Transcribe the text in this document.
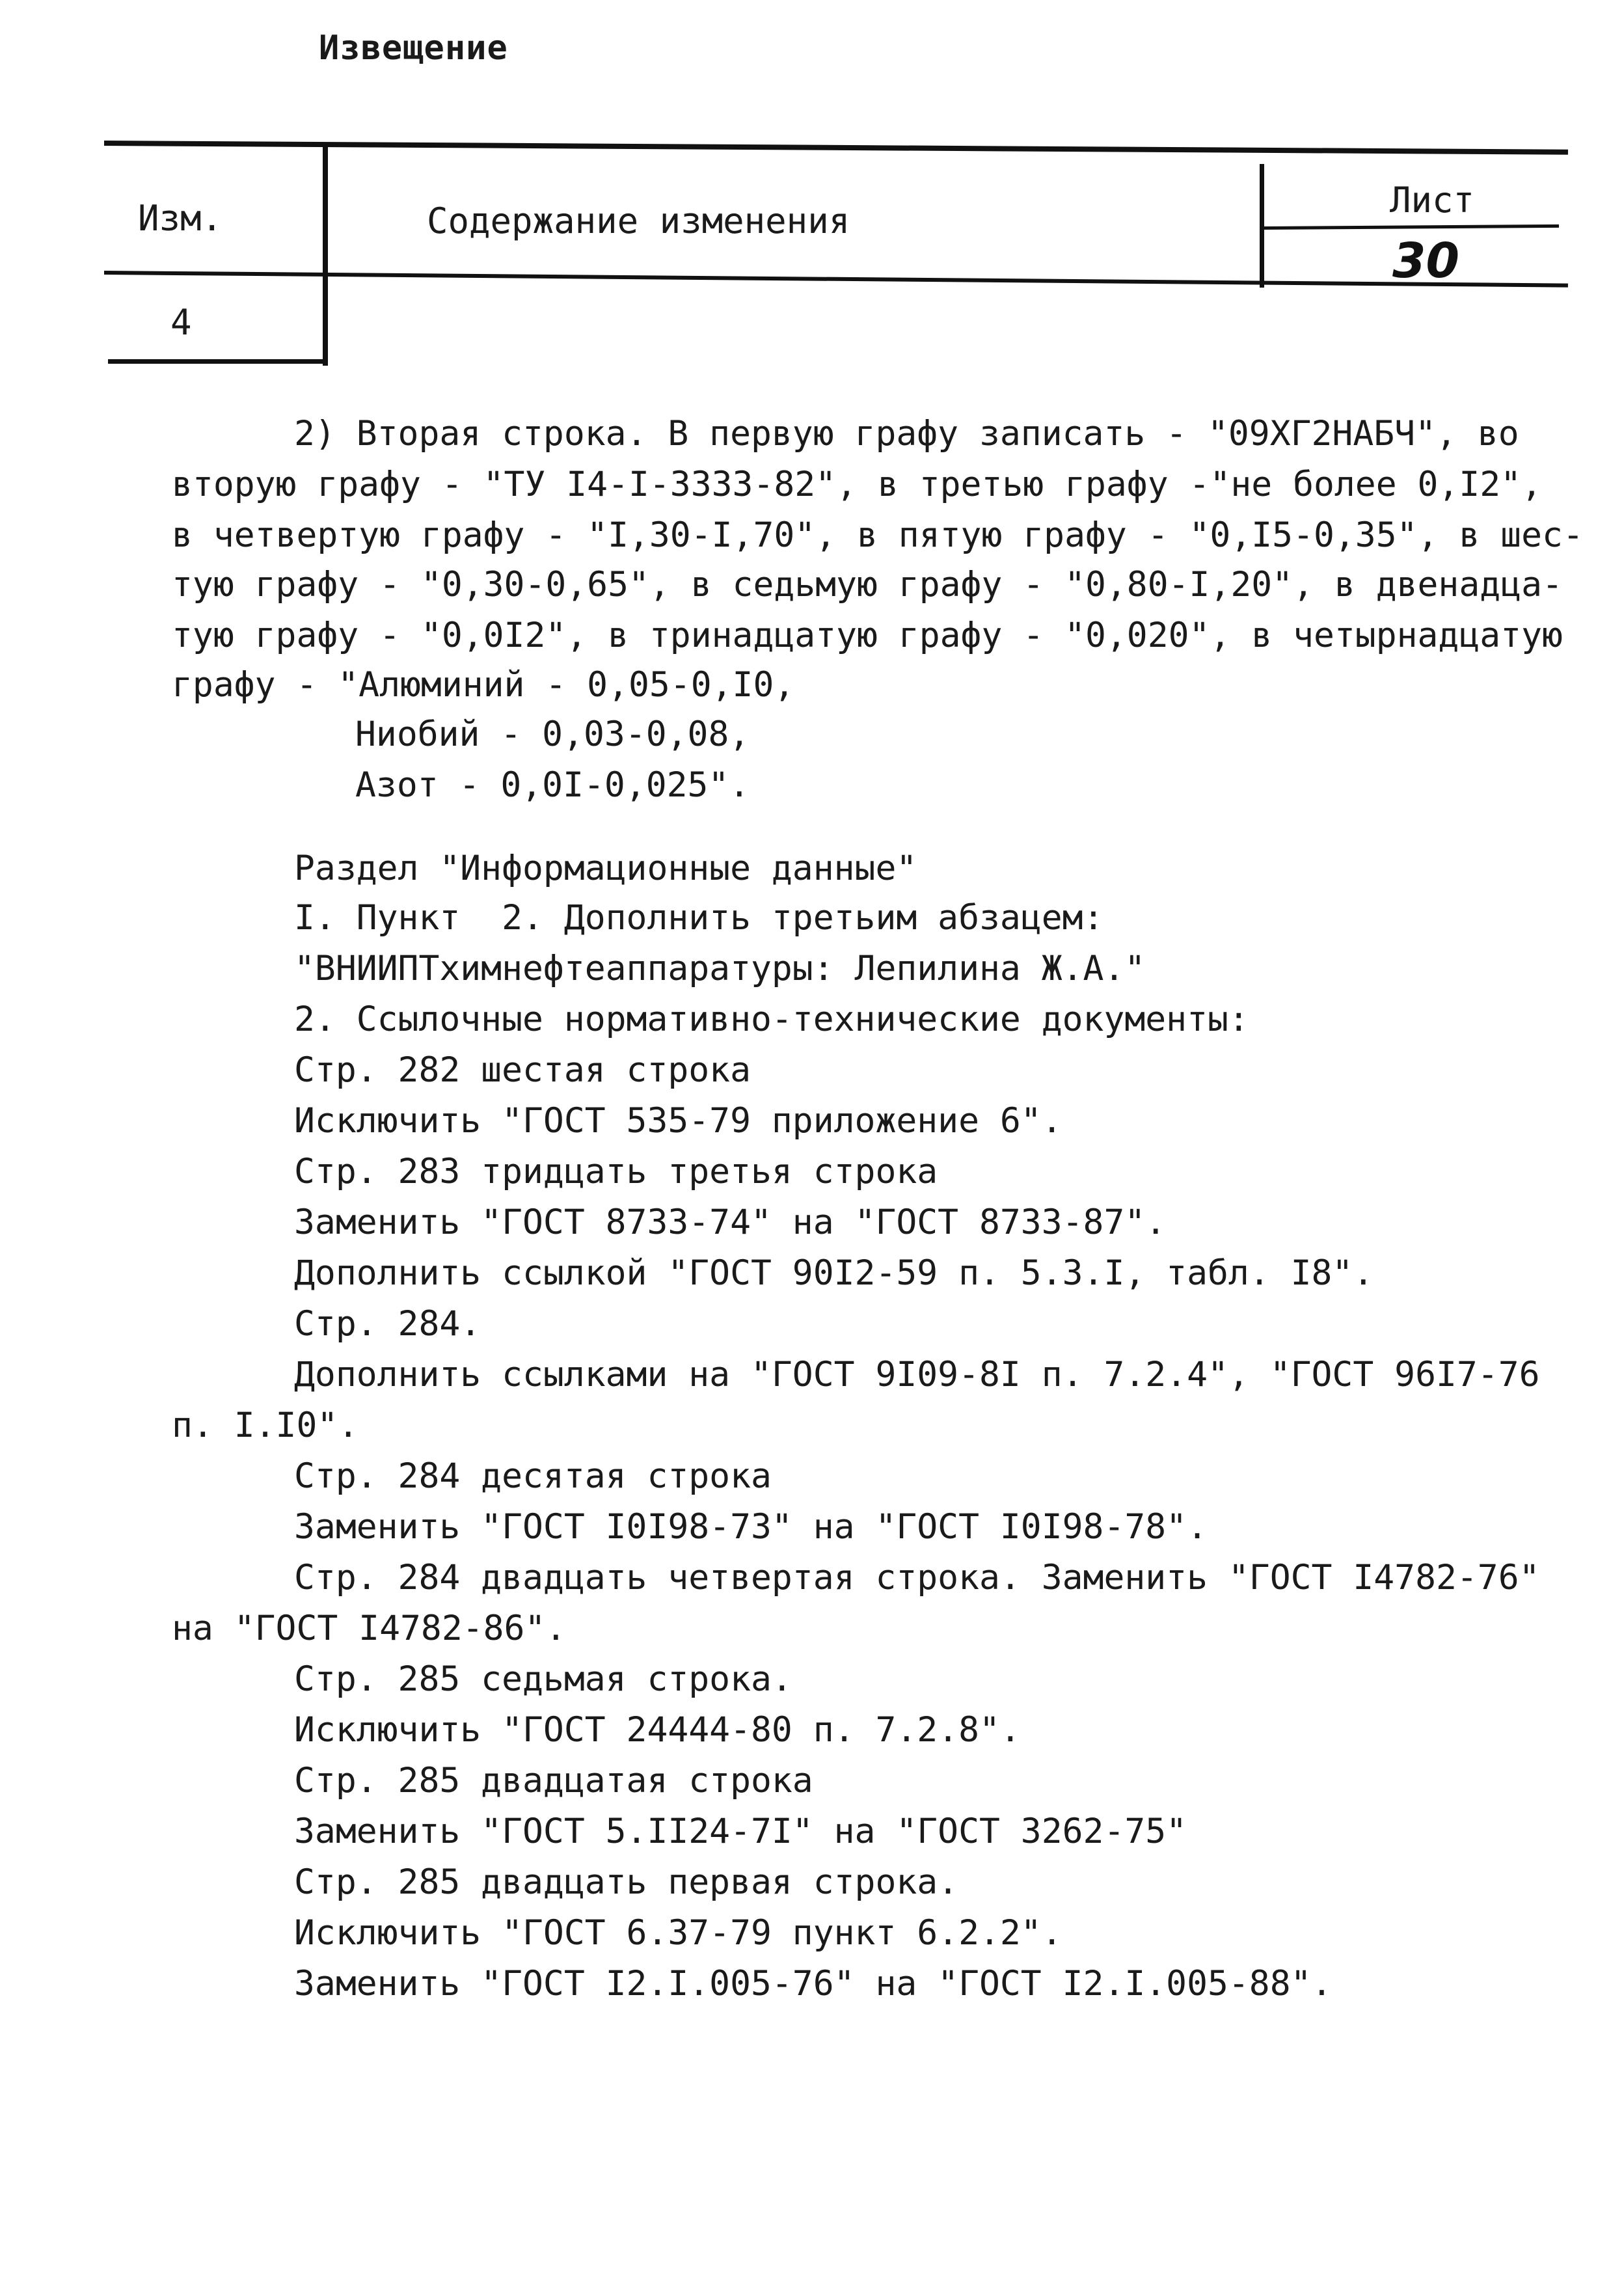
Извещение
Изм.	Содержание изменения
Лист
30
4
2) Вторая строка. В первую графу записать - "09ХГ2НАБЧ", во
вторую графу - "ТУ I4-I-3333-82", в третью графу -"не более 0,I2",
в четвертую графу - "I,30-I,70", в пятую графу - "0,I5-0,35", в шес-
тую графу - "0,30-0,65", в седьмую графу - "0,80-I,20", в двенадца-
тую графу - "0,0I2", в тринадцатую графу - "0,020", в четырнадцатую
графу - "Алюминий - 0,05-0,I0,
Ниобий - 0,03-0,08,
Азот - 0,0I-0,025".
Раздел "Информационные данные"
I. Пункт  2. Дополнить третьим абзацем:
"ВНИИПТхимнефтеаппаратуры: Лепилина Ж.А."
2. Ссылочные нормативно-технические документы:
Стр. 282 шестая строка
Исключить "ГОСТ 535-79 приложение 6".
Стр. 283 тридцать третья строка
Заменить "ГОСТ 8733-74" на "ГОСТ 8733-87".
Дополнить ссылкой "ГОСТ 90I2-59 п. 5.3.I, табл. I8".
Стр. 284.
Дополнить ссылками на "ГОСТ 9I09-8I п. 7.2.4", "ГОСТ 96I7-76
п. I.I0".
Стр. 284 десятая строка
Заменить "ГОСТ I0I98-73" на "ГОСТ I0I98-78".
Стр. 284 двадцать четвертая строка. Заменить "ГОСТ I4782-76"
на "ГОСТ I4782-86".
Стр. 285 седьмая строка.
Исключить "ГОСТ 24444-80 п. 7.2.8".
Стр. 285 двадцатая строка
Заменить "ГОСТ 5.II24-7I" на "ГОСТ 3262-75"
Стр. 285 двадцать первая строка.
Исключить "ГОСТ 6.37-79 пункт 6.2.2".
Заменить "ГОСТ I2.I.005-76" на "ГОСТ I2.I.005-88".
